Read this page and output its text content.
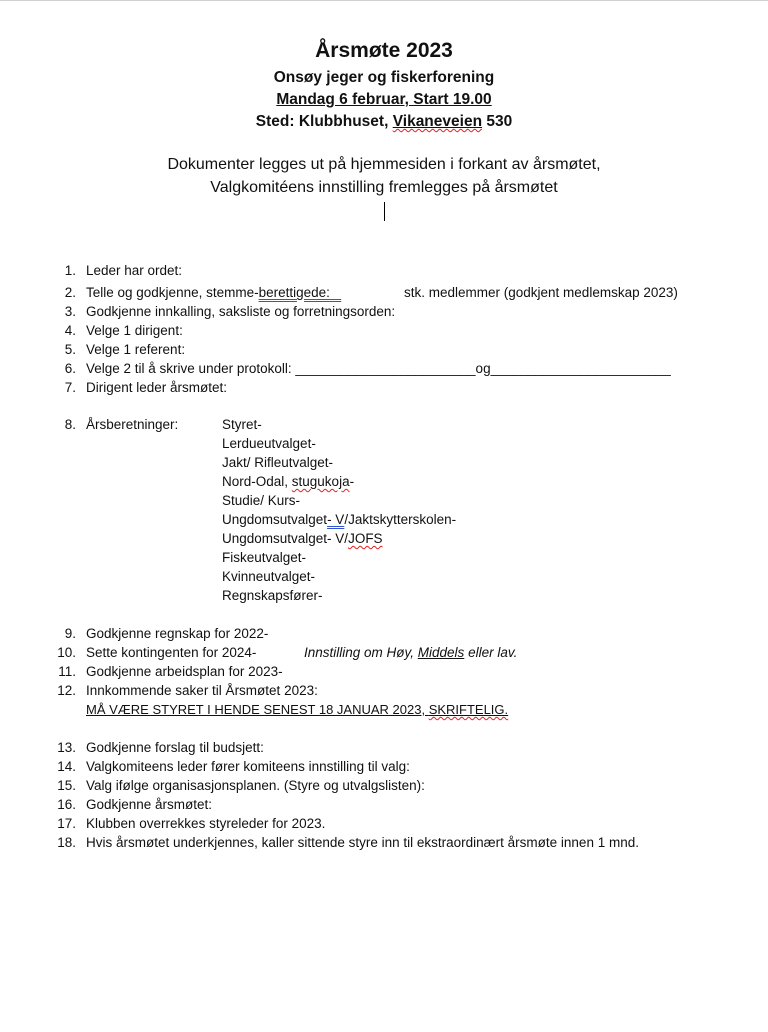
Årsmøte 2023
Onsøy jeger og fiskerforening
Mandag 6 februar, Start 19.00
Sted: Klubbhuset, Vikaneveien 530
Dokumenter legges ut på hjemmesiden i forkant av årsmøtet,
Valgkomitéens innstilling fremlegges på årsmøtet
1. Leder har ordet:
2. Telle og godkjenne, stemme-berettigede:	stk. medlemmer (godkjent medlemskap 2023)
3. Godkjenne innkalling, saksliste og forretningsorden:
4. Velge 1 dirigent:
5. Velge 1 referent:
6. Velge 2 til å skrive under protokoll: ________________________og________________________
7. Dirigent leder årsmøtet:
8. Årsberetninger:	Styret-
Lerdueutvalget-
Jakt/ Rifleutvalget-
Nord-Odal, stugukoja-
Studie/ Kurs-
Ungdomsutvalget- V/Jaktskytterskolen-
Ungdomsutvalget- V/JOFS
Fiskeutvalget-
Kvinneutvalget-
Regnskapsfører-
9. Godkjenne regnskap for 2022-
10. Sette kontingenten for 2024-	Innstilling om Høy, Middels eller lav.
11. Godkjenne arbeidsplan for 2023-
12. Innkommende saker til Årsmøtet 2023:
MÅ VÆRE STYRET I HENDE SENEST 18 JANUAR 2023, SKRIFTELIG.
13. Godkjenne forslag til budsjett:
14. Valgkomiteens leder fører komiteens innstilling til valg:
15. Valg ifølge organisasjonsplanen. (Styre og utvalgslisten):
16. Godkjenne årsmøtet:
17. Klubben overrekkes styreleder for 2023.
18. Hvis årsmøtet underkjennes, kaller sittende styre inn til ekstraordinært årsmøte innen 1 mnd.
